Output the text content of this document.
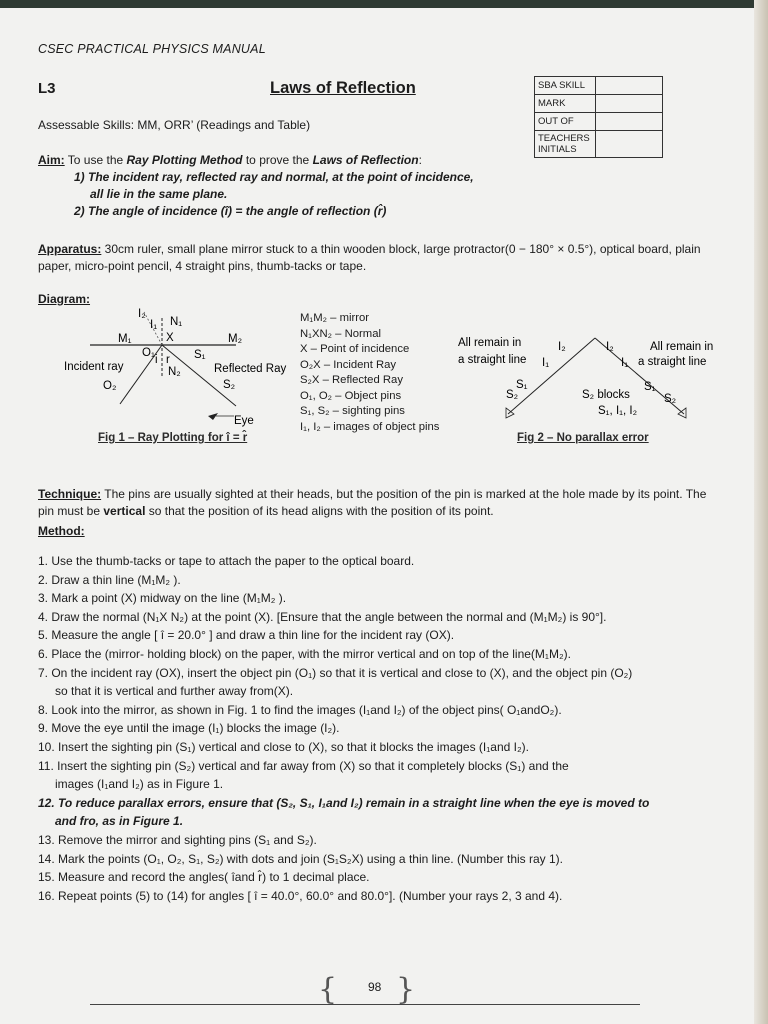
CSEC PRACTICAL PHYSICS MANUAL
L3	Laws of Reflection	SBA SKILL	
MARK	
OUT OF	
TEACHERS INITIALS	
Assessable Skills: MM, ORR’ (Readings and Table)
Aim: To use the Ray Plotting Method to prove the Laws of Reflection:
1) The incident ray, reflected ray and normal, at the point of incidence,
all lie in the same plane.
2) The angle of incidence (î) = the angle of reflection (r̂)
Apparatus: 30cm ruler, small plane mirror stuck to a thin wooden block, large protractor(0 − 180° × 0.5°), optical board, plain paper, micro-point pencil, 4 straight pins, thumb-tacks or tape.
Diagram:
I₂
I₁ N₁
X
M₁	M₂
O₁
i r S₁
N₂
O₂	S₂
Incident ray	Reflected Ray
Eye
Fig 1 – Ray Plotting for î = r̂
M₁M₂ – mirror
N₁XN₂ – Normal
X – Point of incidence
O₂X – Incident Ray
S₂X – Reflected Ray
O₁, O₂ – Object pins
S₁, S₂ – sighting pins
I₁, I₂ – images of object pins
All remain in
a straight line
All remain in
a straight line
I₂
I₁
S₁
S₂
I₂
I₁
S₁
S₂
S₂ blocks
S₁, I₁, I₂
Fig 2 – No parallax error
Technique: The pins are usually sighted at their heads, but the position of the pin is marked at the hole made by its point. The pin must be vertical so that the position of its head aligns with the position of its point.
Method:
1. Use the thumb-tacks or tape to attach the paper to the optical board.
2. Draw a thin line (M₁M₂ ).
3. Mark a point (X) midway on the line (M₁M₂ ).
4. Draw the normal (N₁X N₂) at the point (X). [Ensure that the angle between the normal and (M₁M₂) is 90°].
5. Measure the angle [ î = 20.0° ] and draw a thin line for the incident ray (OX).
6. Place the (mirror- holding block) on the paper, with the mirror vertical and on top of the line(M₁M₂).
7. On the incident ray (OX), insert the object pin (O₁) so that it is vertical and close to (X), and the object pin (O₂)
so that it is vertical and further away from(X).
8. Look into the mirror, as shown in Fig. 1 to find the images (I₁and I₂) of the object pins( O₁andO₂).
9. Move the eye until the image (I₁) blocks the image (I₂).
10. Insert the sighting pin (S₁) vertical and close to (X), so that it blocks the images (I₁and I₂).
11. Insert the sighting pin (S₂) vertical and far away from (X) so that it completely blocks (S₁) and the
images (I₁and I₂) as in Figure 1.
12. To reduce parallax errors, ensure that (S₂, S₁, I₁and I₂) remain in a straight line when the eye is moved to
and fro, as in Figure 1.
13. Remove the mirror and sighting pins (S₁ and S₂).
14. Mark the points (O₁, O₂, S₁, S₂) with dots and join (S₁S₂X) using a thin line. (Number this ray 1).
15. Measure and record the angles( îand r̂) to 1 decimal place.
16. Repeat points (5) to (14) for angles [ î = 40.0°, 60.0° and 80.0°]. (Number your rays 2, 3 and 4).
{ }
98
